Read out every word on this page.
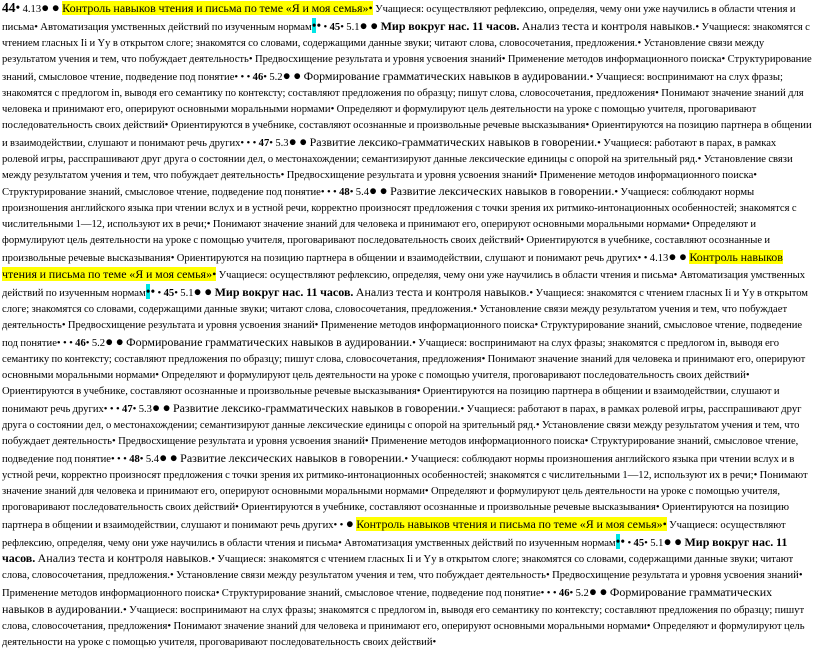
44• 4.13● ● Контроль навыков чтения и письма по теме «Я и моя семья»• Учащиеся: осуществляют рефлексию, определяя, чему они уже научились в области чтения и письма• Автоматизация умственных действий по изученным нормам•• • 45• 5.1● ● Мир вокруг нас. 11 часов. Анализ теста и контроля навыков.• Учащиеся: знакомятся с чтением гласных Ii и Yy в открытом слоге; знакомятся со словами, содержащими данные звуки; читают слова, словосочетания, предложения.• Установление связи между результатом учения и тем, что побуждает деятельность• Предвосхищение результата и уровня усвоения знаний• Применение методов информационного поиска• Структурирование знаний, смысловое чтение, подведение под понятие• • • 46• 5.2● ● Формирование грамматических навыков в аудировании.• Учащиеся: воспринимают на слух фразы; знакомятся с предлогом in, выводя его семантику по контексту; составляют предложения по образцу; пишут слова, словосочетания, предложения• Понимают значение знаний для человека и принимают его, оперируют основными моральными нормами• Определяют и формулируют цель деятельности на уроке с помощью учителя, проговаривают последовательность своих действий• Ориентируются в учебнике, составляют осознанные и произвольные речевые высказывания• Ориентируются на позицию партнера в общении и взаимодействии, слушают и понимают речь других• • • 47• 5.3● ● Развитие лексико-грамматических навыков в говорении.• Учащиеся: работают в парах, в рамках ролевой игры, расспрашивают друг друга о состоянии дел, о местонахождении; семантизируют данные лексические единицы с опорой на зрительный ряд.• Установление связи между результатом учения и тем, что побуждает деятельность• Предвосхищение результата и уровня усвоения знаний• Применение методов информационного поиска• Структурирование знаний, смысловое чтение, подведение под понятие• • • 48• 5.4● ● Развитие лексических навыков в говорении.• Учащиеся: соблюдают нормы произношения английского языка при чтении вслух и в устной речи, корректно произносят предложения с точки зрения их ритмико-интонационных особенностей; знакомятся с числительными 1—12, используют их в речи;• Понимают значение знаний для человека и принимают его, оперируют основными моральными нормами• Определяют и формулируют цель деятельности на уроке с помощью учителя, проговаривают последовательность своих действий• Ориентируются в учебнике, составляют осознанные и произвольные речевые высказывания• Ориентируются на позицию партнера в общении и взаимодействии, слушают и понимают речь других• • 4.13● ● Контроль навыков чтения и письма по теме «Я и моя семья»• Учащиеся: осуществляют рефлексию, определяя, чему они уже научились в области чтения и письма• Автоматизация умственных действий по изученным нормам•• • 45• 5.1● ● Мир вокруг нас. 11 часов. Анализ теста и контроля навыков.• Учащиеся: знакомятся с чтением гласных Ii и Yy в открытом слоге; знакомятся со словами, содержащими данные звуки; читают слова, словосочетания, предложения.• Установление связи между результатом учения и тем, что побуждает деятельность• Предвосхищение результата и уровня усвоения знаний• Применение методов информационного поиска• Структурирование знаний, смысловое чтение, подведение под понятие• • • 46• 5.2● ● Формирование грамматических навыков в аудировании.• Учащиеся: воспринимают на слух фразы; знакомятся с предлогом in, выводя его семантику по контексту; составляют предложения по образцу; пишут слова, словосочетания, предложения• Понимают значение знаний для человека и принимают его, оперируют основными моральными нормами• Определяют и формулируют цель деятельности на уроке с помощью учителя, проговаривают последовательность своих действий• Ориентируются в учебнике, составляют осознанные и произвольные речевые высказывания• Ориентируются на позицию партнера в общении и взаимодействии, слушают и понимают речь других• • • 47• 5.3● ● Развитие лексико-грамматических навыков в говорении.• Учащиеся: работают в парах, в рамках ролевой игры, расспрашивают друг друга о состоянии дел, о местонахождении; семантизируют данные лексические единицы с опорой на зрительный ряд.• Установление связи между результатом учения и тем, что побуждает деятельность• Предвосхищение результата и уровня усвоения знаний• Применение методов информационного поиска• Структурирование знаний, смысловое чтение, подведение под понятие• • • 48• 5.4● ● Развитие лексических навыков в говорении.• Учащиеся: соблюдают нормы произношения английского языка при чтении вслух и в устной речи, корректно произносят предложения с точки зрения их ритмико-интонационных особенностей; знакомятся с числительными 1—12, используют их в речи;• Понимают значение знаний для человека и принимают его, оперируют основными моральными нормами• Определяют и формулируют цель деятельности на уроке с помощью учителя, проговаривают последовательность своих действий• Ориентируются в учебнике, составляют осознанные и произвольные речевые высказывания• Ориентируются на позицию партнера в общении и взаимодействии, слушают и понимают речь других• • ● Контроль навыков чтения и письма по теме «Я и моя семья»• Учащиеся: осуществляют рефлексию, определяя, чему они уже научились в области чтения и письма• Автоматизация умственных действий по изученным нормам•• • 45• 5.1● ● Мир вокруг нас. 11 часов. Анализ теста и контроля навыков.• Учащиеся: знакомятся с чтением гласных Ii и Yy в открытом слоге; знакомятся со словами, содержащими данные звуки; читают слова, словосочетания, предложения.• Установление связи между результатом учения и тем, что побуждает деятельность• Предвосхищение результата и уровня усвоения знаний• Применение методов информационного поиска• Структурирование знаний, смысловое чтение, подведение под понятие• • • 46• 5.2● ● Формирование грамматических навыков в аудировании.• Учащиеся: воспринимают на слух фразы; знакомятся с предлогом in, выводя его семантику по контексту; составляют предложения по образцу; пишут слова, словосочетания, предложения• Понимают значение знаний для человека и принимают его, оперируют основными моральными нормами• Определяют и формулируют цель деятельности на уроке с помощью учителя, проговаривают последовательность своих действий•
